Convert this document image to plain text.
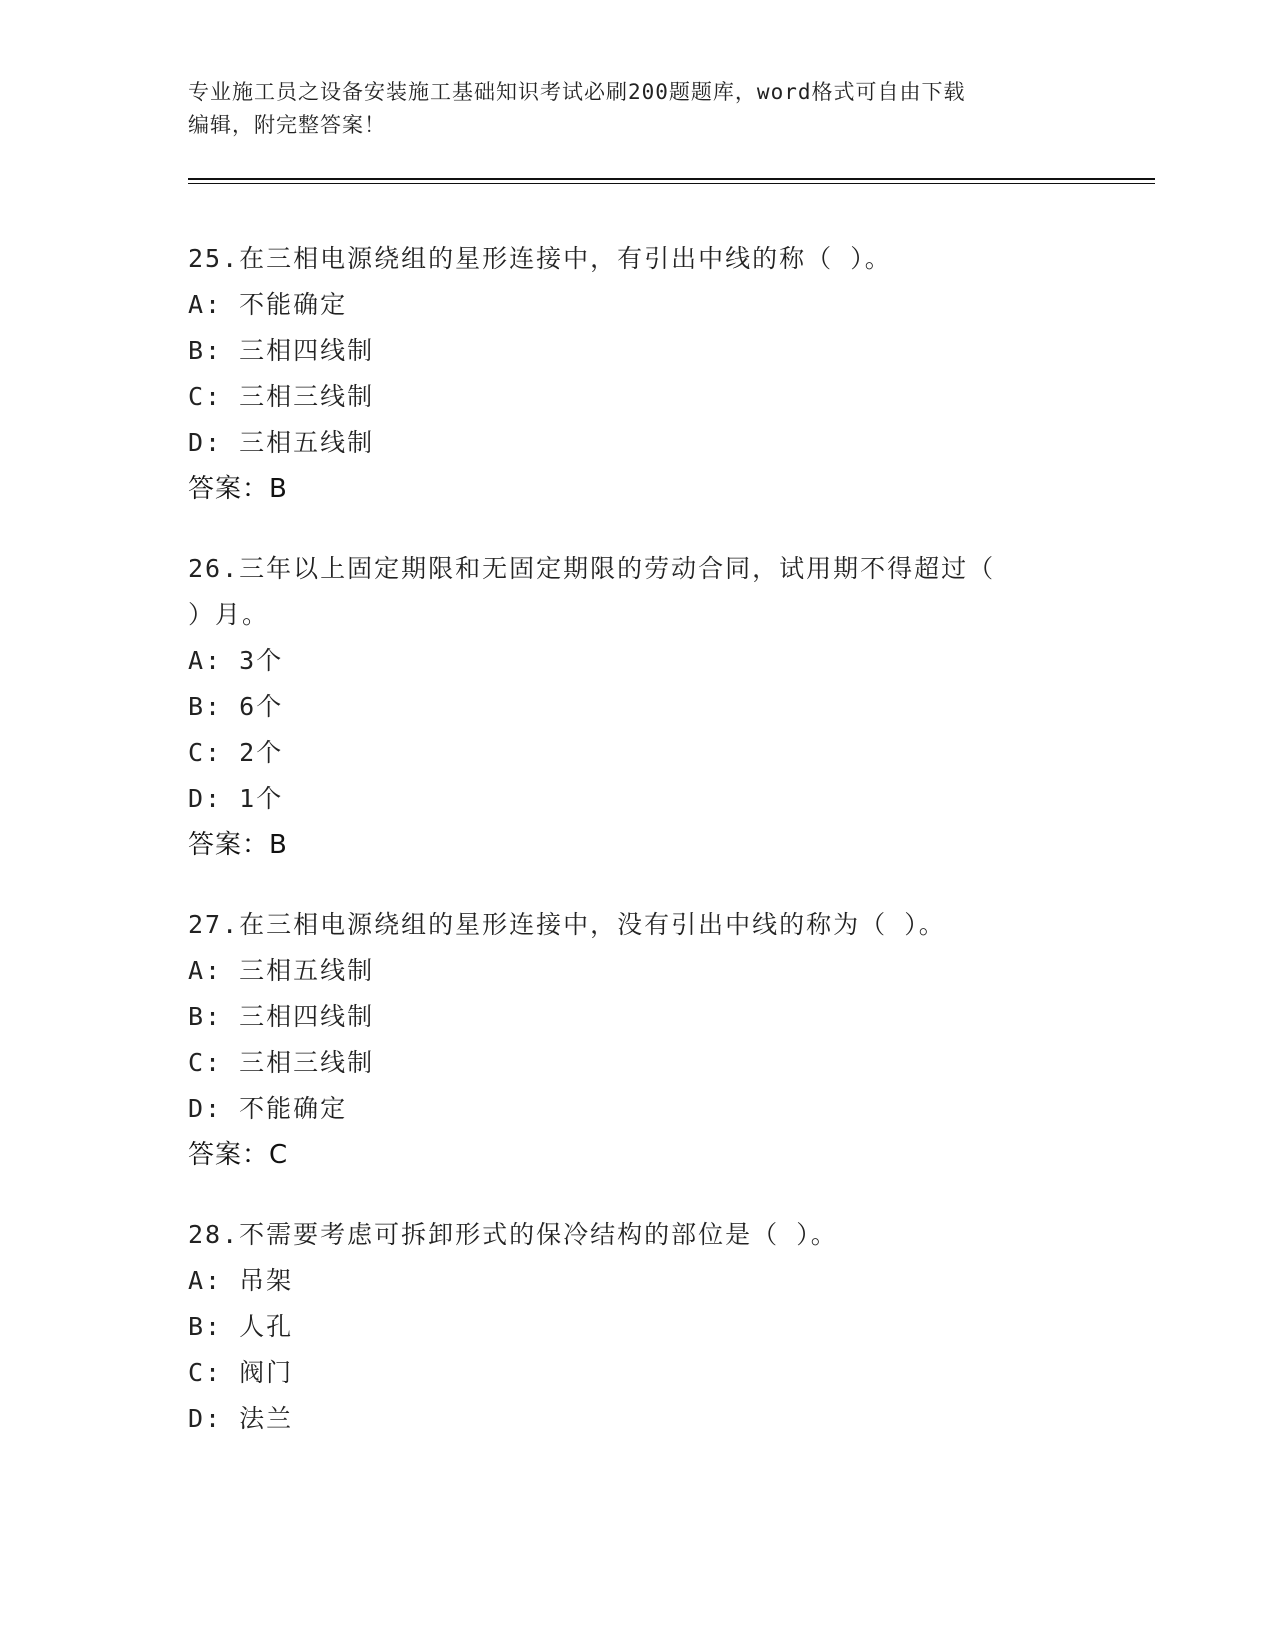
专业施工员之设备安装施工基础知识考试必刷200题题库，word格式可自由下载
编辑，附完整答案！
25.在三相电源绕组的星形连接中，有引出中线的称（ ）。
A: 不能确定
B: 三相四线制
C: 三相三线制
D: 三相五线制
答案：B
26.三年以上固定期限和无固定期限的劳动合同，试用期不得超过（
）月。
A: 3个
B: 6个
C: 2个
D: 1个
答案：B
27.在三相电源绕组的星形连接中，没有引出中线的称为（ ）。
A: 三相五线制
B: 三相四线制
C: 三相三线制
D: 不能确定
答案：C
28.不需要考虑可拆卸形式的保冷结构的部位是（ ）。
A: 吊架
B: 人孔
C: 阀门
D: 法兰
